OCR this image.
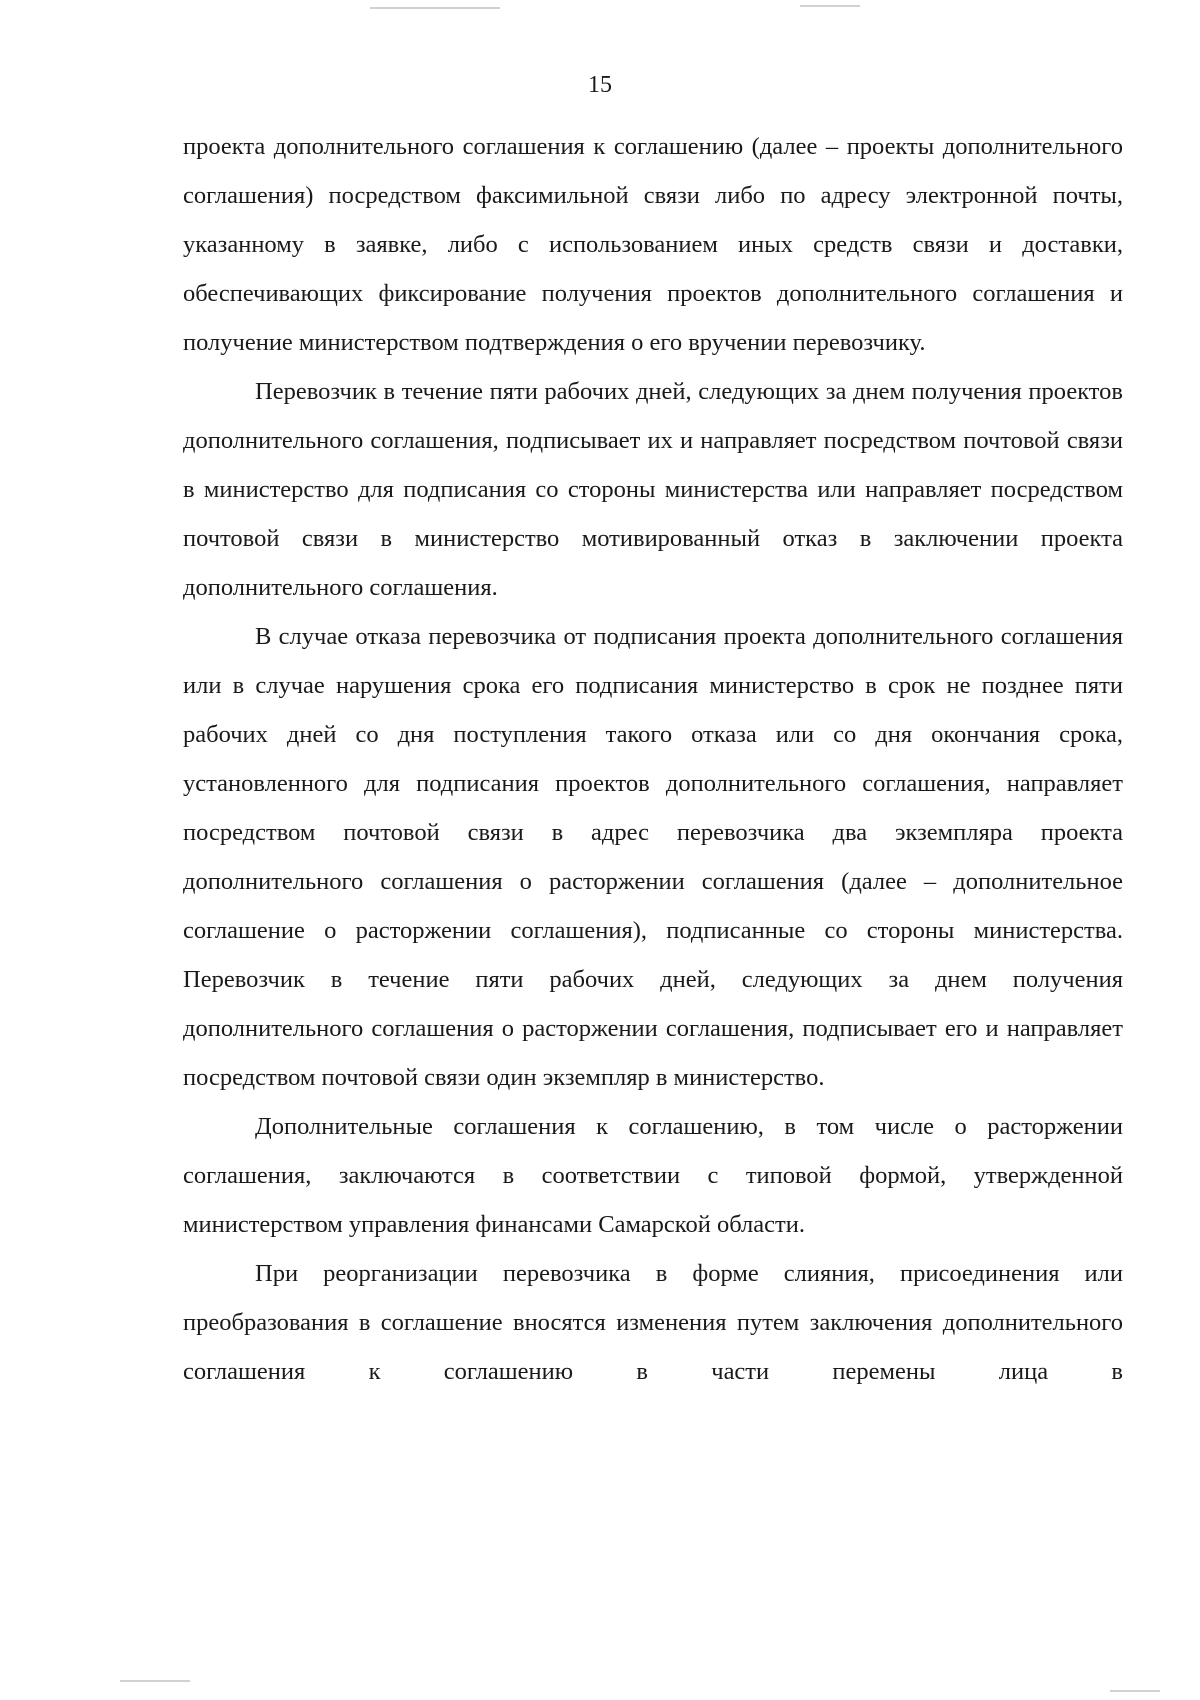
15

проекта дополнительного соглашения к соглашению (далее – проекты дополнительного соглашения) посредством факсимильной связи либо по адресу электронной почты, указанному в заявке, либо с использованием иных средств связи и доставки, обеспечивающих фиксирование получения проектов дополнительного соглашения и получение министерством подтверждения о его вручении перевозчику.

Перевозчик в течение пяти рабочих дней, следующих за днем получения проектов дополнительного соглашения, подписывает их и направляет посредством почтовой связи в министерство для подписания со стороны министерства или направляет посредством почтовой связи в министерство мотивированный отказ в заключении проекта дополнительного соглашения.

В случае отказа перевозчика от подписания проекта дополнительного соглашения или в случае нарушения срока его подписания министерство в срок не позднее пяти рабочих дней со дня поступления такого отказа или со дня окончания срока, установленного для подписания проектов дополнительного соглашения, направляет посредством почтовой связи в адрес перевозчика два экземпляра проекта дополнительного соглашения о расторжении соглашения (далее – дополнительное соглашение о расторжении соглашения), подписанные со стороны министерства. Перевозчик в течение пяти рабочих дней, следующих за днем получения дополнительного соглашения о расторжении соглашения, подписывает его и направляет посредством почтовой связи один экземпляр в министерство.

Дополнительные соглашения к соглашению, в том числе о расторжении соглашения, заключаются в соответствии с типовой формой, утвержденной министерством управления финансами Самарской области.

При реорганизации перевозчика в форме слияния, присоединения или преобразования в соглашение вносятся изменения путем заключения дополнительного соглашения к соглашению в части перемены лица в
